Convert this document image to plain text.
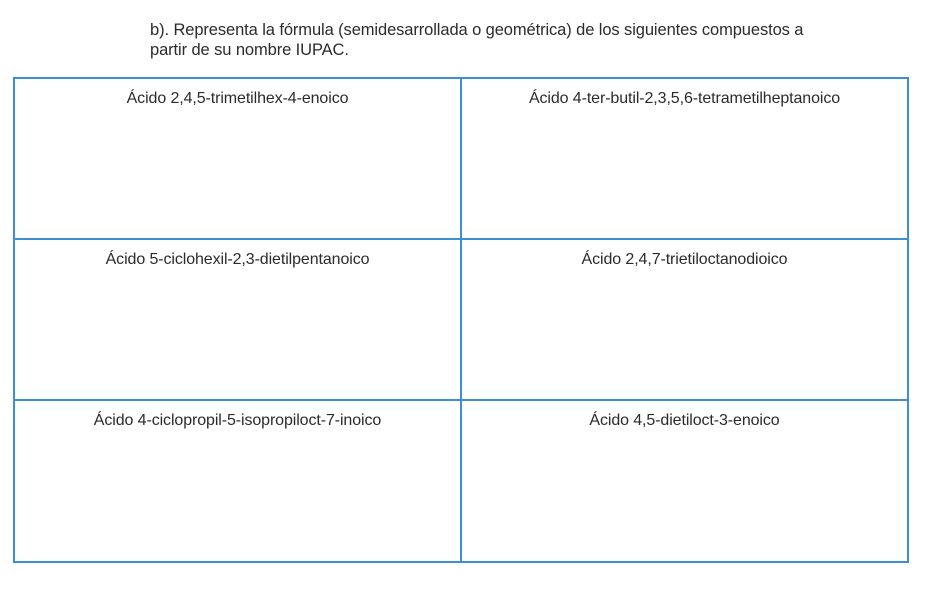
b). Representa la fórmula (semidesarrollada o geométrica) de los siguientes compuestos a
partir de su nombre IUPAC.
Ácido 2,4,5-trimetilhex-4-enoico	Ácido 4-ter-butil-2,3,5,6-tetrametilheptanoico
Ácido 5-ciclohexil-2,3-dietilpentanoico	Ácido 2,4,7-trietiloctanodioico
Ácido 4-ciclopropil-5-isopropiloct-7-inoico	Ácido 4,5-dietiloct-3-enoico
